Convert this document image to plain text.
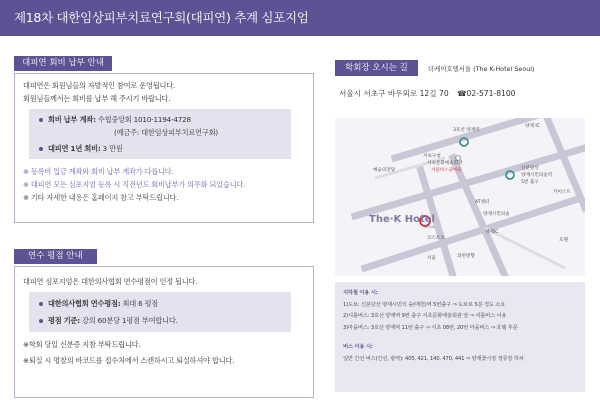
제18차 대한임상피부치료연구회(대피연) 추계 심포지엄
대피연 회비 납부 안내
대피연은 회원님들의 자발적인 참여로 운영됩니다.
회원님들께서는 회비를 납부 해 주시기 바랍니다.
회비 납부 계좌: 수협중앙회 1010-1194-4728
(예금주: 대한임상피부치료연구회)
대피연 1년 회비: 3 만원
※ 등록비 입금 계좌와 회비 납부 계좌가 다릅니다.
※ 대피연 모든 심포지엄 등록 시 직전년도 회비납부가 의무화 되었습니다.
※ 기타 자세한 내용은 홈페이지 참고 부탁드립니다.
연수 평점 안내
대피연 심포지엄은 대한의사협회 연수평점이 인정 됩니다.
대한의사협회 연수평점: 최대 6 평점
평점 기준: 강의 60분당 1평점 부여합니다.
※학회 당일 신분증 지참 부탁드립니다.
※퇴실 시 명찰의 바코드를 접수처에서 스캔하시고 퇴실하셔야 합니다.
학회장 오시는 길	더케이호텔서울 (The K-Hotel Seoul)
서울시 서초구 바우뫼로 12길 70 ☎02-571-8100
3호선 양재역
양재 IC
서초구청
서초문화예술회관
서울바스쿨마운
예술의전당	신분당선
양재시민의숲역
5번 출구
AT센터
양재시민의숲
카이스트
양재IC
코스트코
서울	과천방향
호텔
The·K Hotel
SEOUL
지하철 이용 시:
1)도보: 신분당선 양재시민의 숲(매헌)역 5번출구 ⇒ 도보로 5분 정도 소요
2)셔틀버스: 3호선 양재역 9번 출구 서초문화예술회관 앞 ⇒ 셔틀버스 이용
3)마을버스: 3호선 양재역 11번 출구 ⇒ 서초 08번, 20번 마을버스 ⇒ 호텔 후문
버스 이용 시:
일반 간선 버스(간선, 광역): 405, 421, 140, 470, 441 ⇒ 양재꽃시장 정류장 하차
